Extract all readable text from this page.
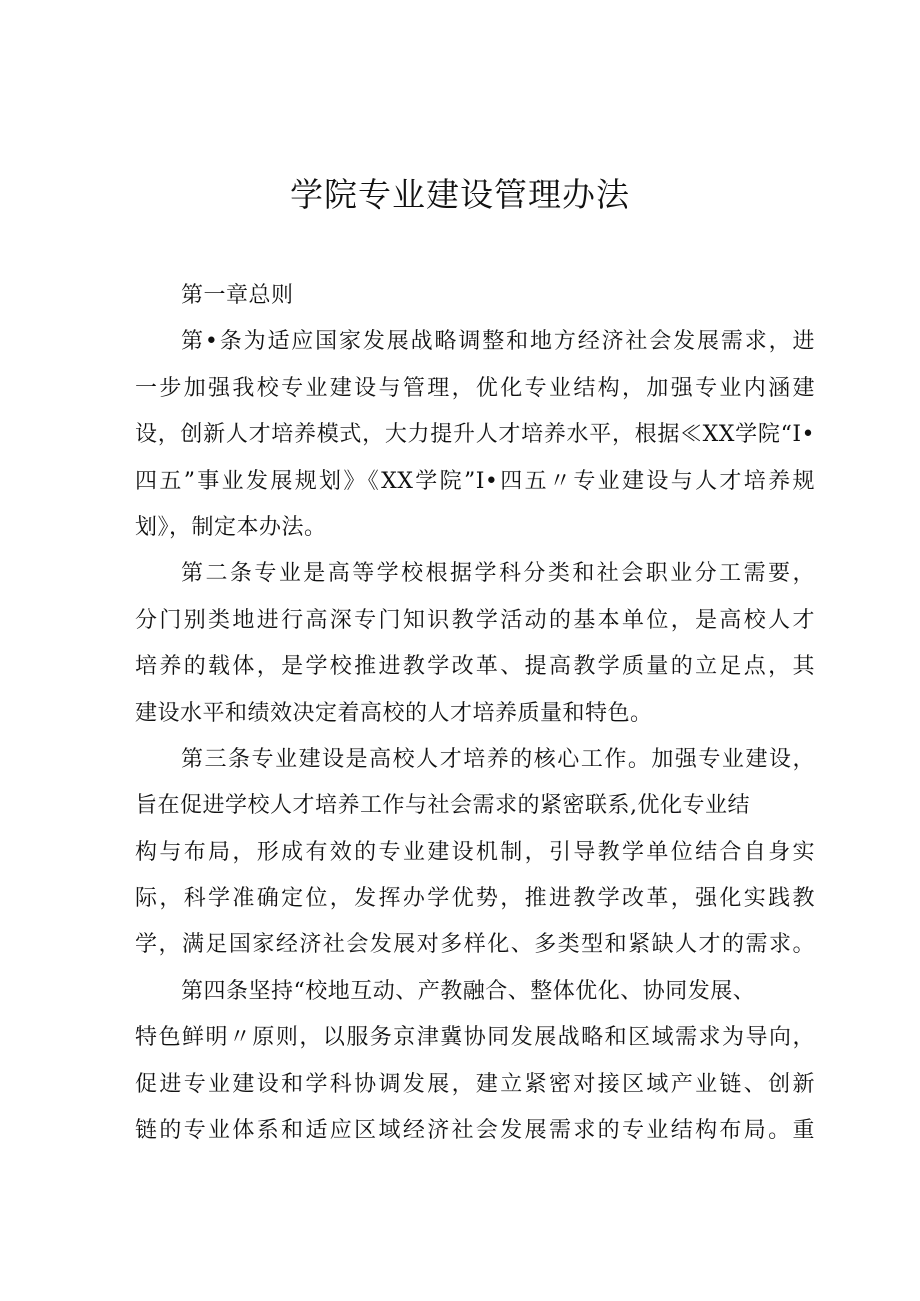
学院专业建设管理办法
第一章总则
第•条为适应国家发展战略调整和地方经济社会发展需求，进
一步加强我校专业建设与管理，优化专业结构，加强专业内涵建
设，创新人才培养模式，大力提升人才培养水平，根据≪XX学院“I•
四五”事业发展规划》《XX学院”I•四五〃专业建设与人才培养规
划》，制定本办法。
第二条专业是高等学校根据学科分类和社会职业分工需要，
分门别类地进行高深专门知识教学活动的基本单位，是高校人才
培养的载体，是学校推进教学改革、提高教学质量的立足点，其
建设水平和绩效决定着高校的人才培养质量和特色。
第三条专业建设是高校人才培养的核心工作。加强专业建设，
旨在促进学校人才培养工作与社会需求的紧密联系,优化专业结
构与布局，形成有效的专业建设机制，引导教学单位结合自身实
际，科学准确定位，发挥办学优势，推进教学改革，强化实践教
学，满足国家经济社会发展对多样化、多类型和紧缺人才的需求。
第四条坚持“校地互动、产教融合、整体优化、协同发展、
特色鲜明〃原则，以服务京津冀协同发展战略和区域需求为导向，
促进专业建设和学科协调发展，建立紧密对接区域产业链、创新
链的专业体系和适应区域经济社会发展需求的专业结构布局。重
